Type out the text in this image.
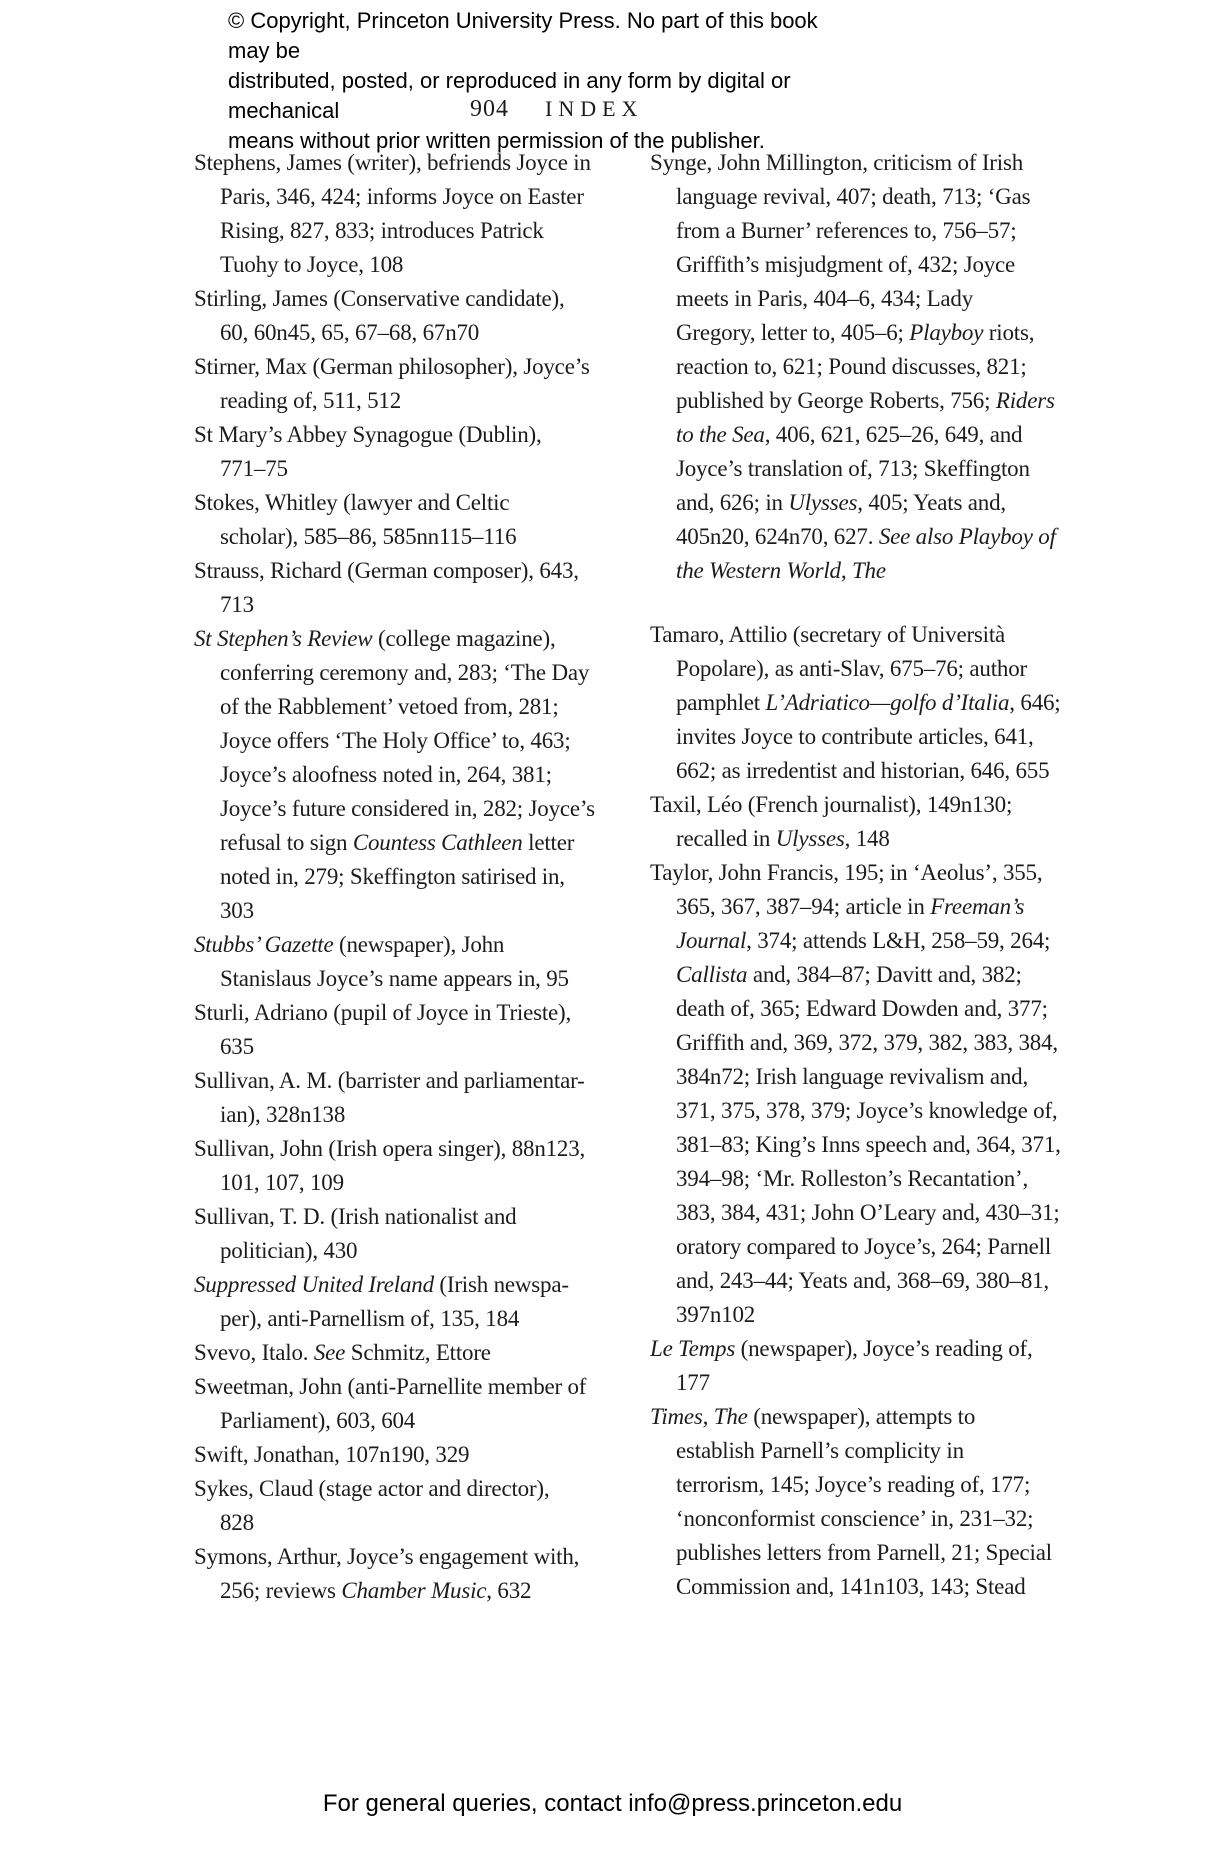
© Copyright, Princeton University Press. No part of this book may be
distributed, posted, or reproduced in any form by digital or mechanical
means without prior written permission of the publisher.
904 INDEX
Stephens, James (writer), befriends Joyce in
Paris, 346, 424; informs Joyce on Easter
Rising, 827, 833; introduces Patrick
Tuohy to Joyce, 108
Stirling, James (Conservative candidate),
60, 60n45, 65, 67–68, 67n70
Stirner, Max (German philosopher), Joyce’s
reading of, 511, 512
St Mary’s Abbey Synagogue (Dublin),
771–75
Stokes, Whitley (lawyer and Celtic
scholar), 585–86, 585nn115–116
Strauss, Richard (German composer), 643,
713
St Stephen’s Review (college magazine),
conferring ceremony and, 283; ‘The Day
of the Rabblement’ vetoed from, 281;
Joyce offers ‘The Holy Office’ to, 463;
Joyce’s aloofness noted in, 264, 381;
Joyce’s future considered in, 282; Joyce’s
refusal to sign Countess Cathleen letter
noted in, 279; Skeffington satirised in,
303
Stubbs’ Gazette (newspaper), John
Stanislaus Joyce’s name appears in, 95
Sturli, Adriano (pupil of Joyce in Trieste),
635
Sullivan, A. M. (barrister and parliamentar-
ian), 328n138
Sullivan, John (Irish opera singer), 88n123,
101, 107, 109
Sullivan, T. D. (Irish nationalist and
politician), 430
Suppressed United Ireland (Irish newspa-
per), anti-Parnellism of, 135, 184
Svevo, Italo. See Schmitz, Ettore
Sweetman, John (anti-Parnellite member of
Parliament), 603, 604
Swift, Jonathan, 107n190, 329
Sykes, Claud (stage actor and director),
828
Symons, Arthur, Joyce’s engagement with,
256; reviews Chamber Music, 632
Synge, John Millington, criticism of Irish
language revival, 407; death, 713; ‘Gas
from a Burner’ references to, 756–57;
Griffith’s misjudgment of, 432; Joyce
meets in Paris, 404–6, 434; Lady
Gregory, letter to, 405–6; Playboy riots,
reaction to, 621; Pound discusses, 821;
published by George Roberts, 756; Riders
to the Sea, 406, 621, 625–26, 649, and
Joyce’s translation of, 713; Skeffington
and, 626; in Ulysses, 405; Yeats and,
405n20, 624n70, 627. See also Playboy of
the Western World, The
Tamaro, Attilio (secretary of Università
Popolare), as anti-Slav, 675–76; author
pamphlet L’Adriatico—golfo d’Italia, 646;
invites Joyce to contribute articles, 641,
662; as irredentist and historian, 646, 655
Taxil, Léo (French journalist), 149n130;
recalled in Ulysses, 148
Taylor, John Francis, 195; in ‘Aeolus’, 355,
365, 367, 387–94; article in Freeman’s
Journal, 374; attends L&H, 258–59, 264;
Callista and, 384–87; Davitt and, 382;
death of, 365; Edward Dowden and, 377;
Griffith and, 369, 372, 379, 382, 383, 384,
384n72; Irish language revivalism and,
371, 375, 378, 379; Joyce’s knowledge of,
381–83; King’s Inns speech and, 364, 371,
394–98; ‘Mr. Rolleston’s Recantation’,
383, 384, 431; John O’Leary and, 430–31;
oratory compared to Joyce’s, 264; Parnell
and, 243–44; Yeats and, 368–69, 380–81,
397n102
Le Temps (newspaper), Joyce’s reading of,
177
Times, The (newspaper), attempts to
establish Parnell’s complicity in
terrorism, 145; Joyce’s reading of, 177;
‘nonconformist conscience’ in, 231–32;
publishes letters from Parnell, 21; Special
Commission and, 141n103, 143; Stead
For general queries, contact info@press.princeton.edu
